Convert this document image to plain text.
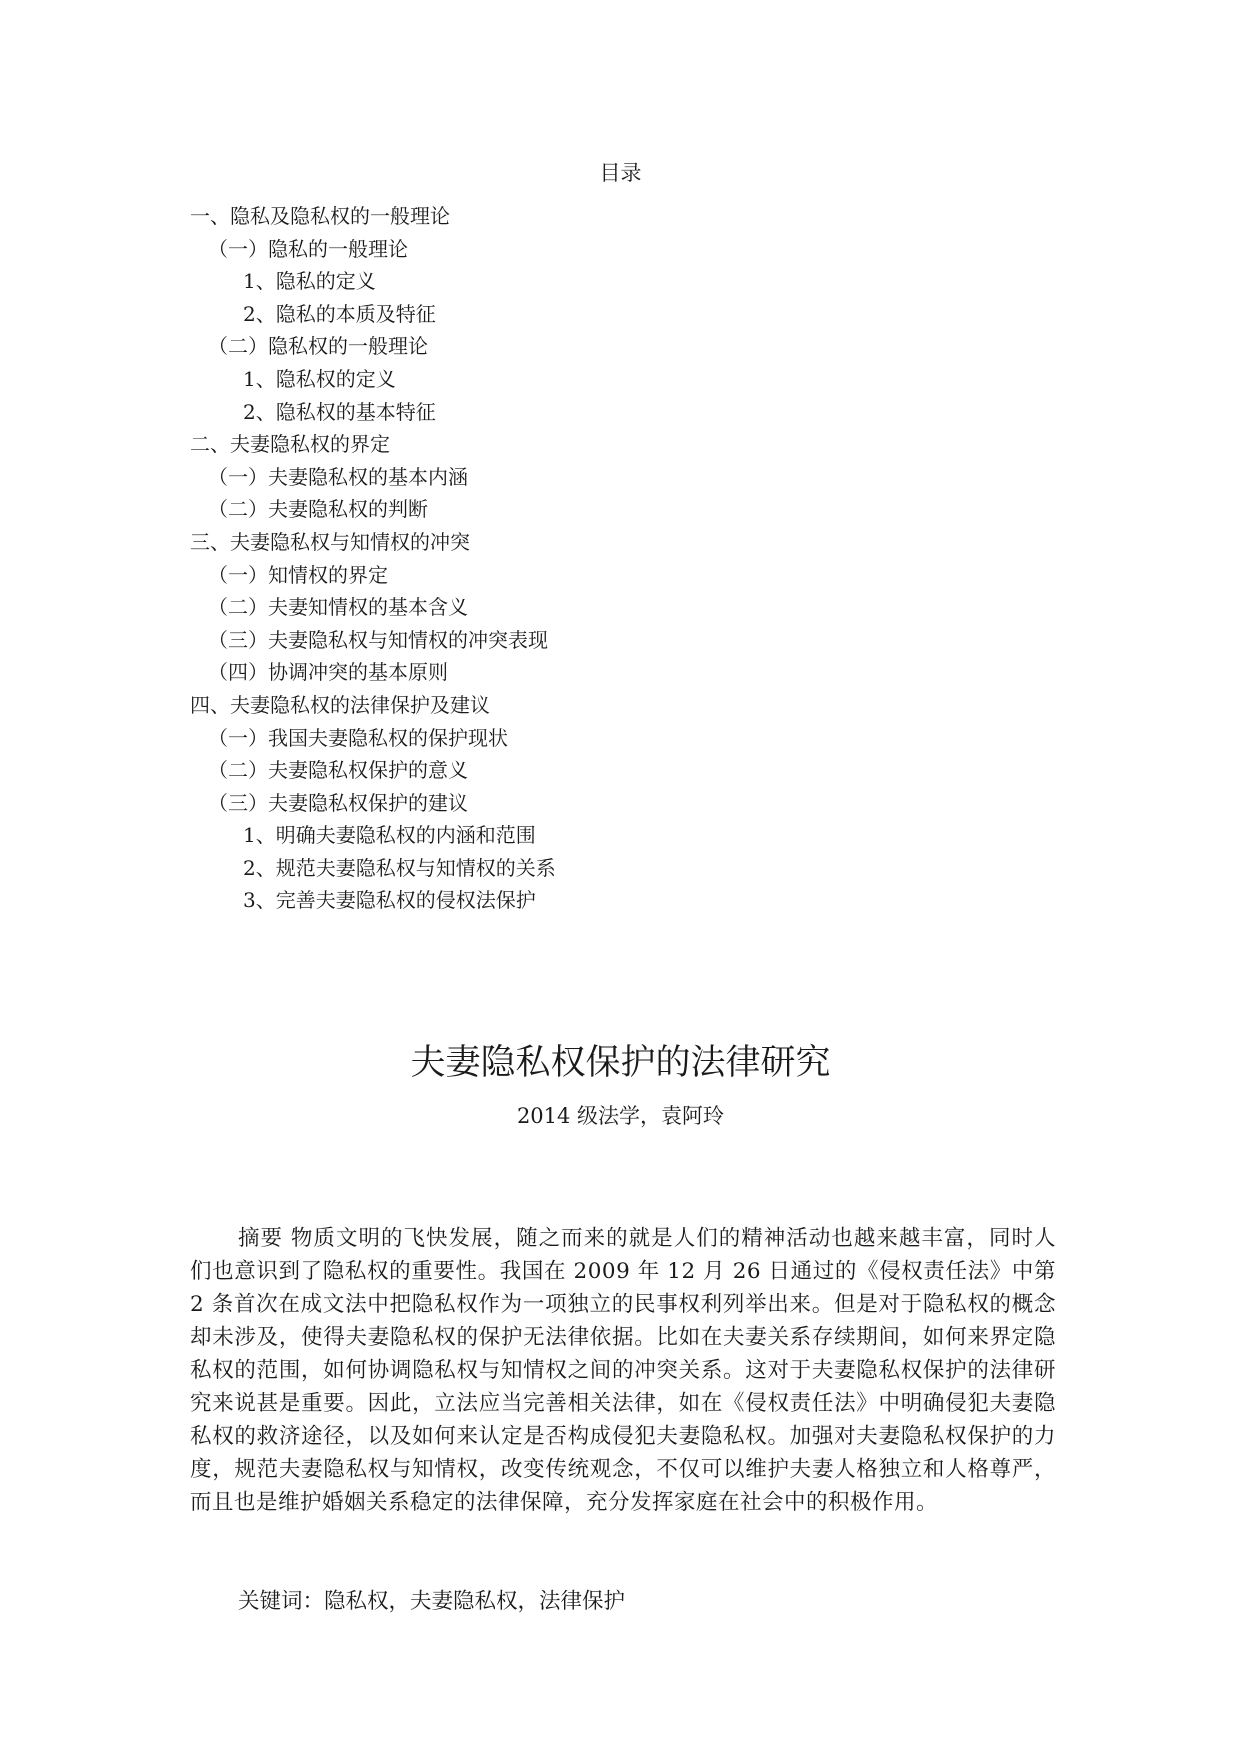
目录
一、隐私及隐私权的一般理论
（一）隐私的一般理论
1、隐私的定义
2、隐私的本质及特征
（二）隐私权的一般理论
1、隐私权的定义
2、隐私权的基本特征
二、夫妻隐私权的界定
（一）夫妻隐私权的基本内涵
（二）夫妻隐私权的判断
三、夫妻隐私权与知情权的冲突
（一）知情权的界定
（二）夫妻知情权的基本含义
（三）夫妻隐私权与知情权的冲突表现
（四）协调冲突的基本原则
四、夫妻隐私权的法律保护及建议
（一）我国夫妻隐私权的保护现状
（二）夫妻隐私权保护的意义
（三）夫妻隐私权保护的建议
1、明确夫妻隐私权的内涵和范围
2、规范夫妻隐私权与知情权的关系
3、完善夫妻隐私权的侵权法保护
夫妻隐私权保护的法律研究
2014 级法学，袁阿玲
摘要 物质文明的飞快发展，随之而来的就是人们的精神活动也越来越丰富，同时人们也意识到了隐私权的重要性。我国在 2009 年 12 月 26 日通过的《侵权责任法》中第 2 条首次在成文法中把隐私权作为一项独立的民事权利列举出来。但是对于隐私权的概念却未涉及，使得夫妻隐私权的保护无法律依据。比如在夫妻关系存续期间，如何来界定隐私权的范围，如何协调隐私权与知情权之间的冲突关系。这对于夫妻隐私权保护的法律研究来说甚是重要。因此，立法应当完善相关法律，如在《侵权责任法》中明确侵犯夫妻隐私权的救济途径，以及如何来认定是否构成侵犯夫妻隐私权。加强对夫妻隐私权保护的力度，规范夫妻隐私权与知情权，改变传统观念，不仅可以维护夫妻人格独立和人格尊严，而且也是维护婚姻关系稳定的法律保障，充分发挥家庭在社会中的积极作用。
关键词：隐私权，夫妻隐私权，法律保护
